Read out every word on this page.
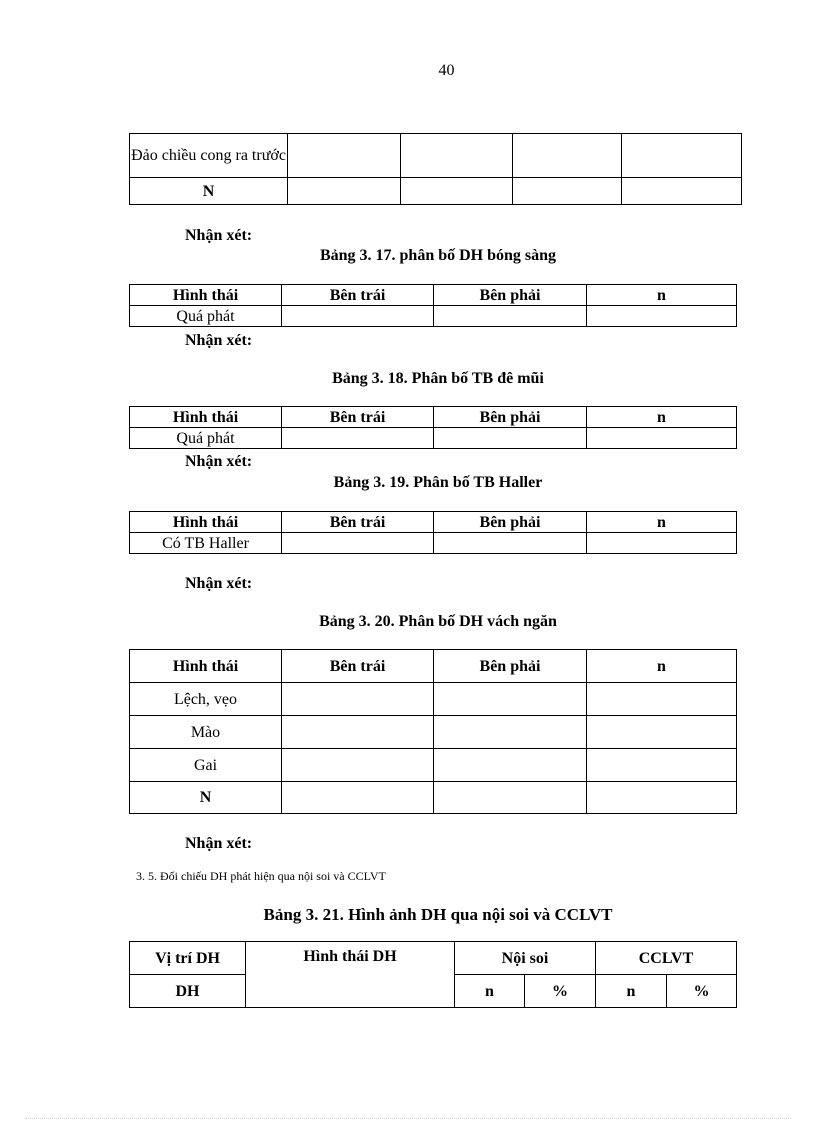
40
Đảo chiều cong ra trước				
N				
Nhận xét:
Bảng 3. 17. phân bố DH bóng sàng
Hình thái	Bên trái	Bên phải	n
Quá phát			
Nhận xét:
Bảng 3. 18. Phân bố TB đê mũi
Hình thái	Bên trái	Bên phải	n
Quá phát			
Nhận xét:
Bảng 3. 19. Phân bố TB Haller
Hình thái	Bên trái	Bên phải	n
Có TB Haller			
Nhận xét:
Bảng 3. 20. Phân bố DH vách ngăn
Hình thái	Bên trái	Bên phải	n
Lệch, vẹo			
Mào			
Gai			
N			
Nhận xét:
3. 5. Đối chiếu DH phát hiện qua nội soi và CCLVT
Bảng 3. 21. Hình ảnh DH qua nội soi và CCLVT
Vị trí DH	Hình thái DH	Nội soi		CCLVT	
DH		n	%	n	%
